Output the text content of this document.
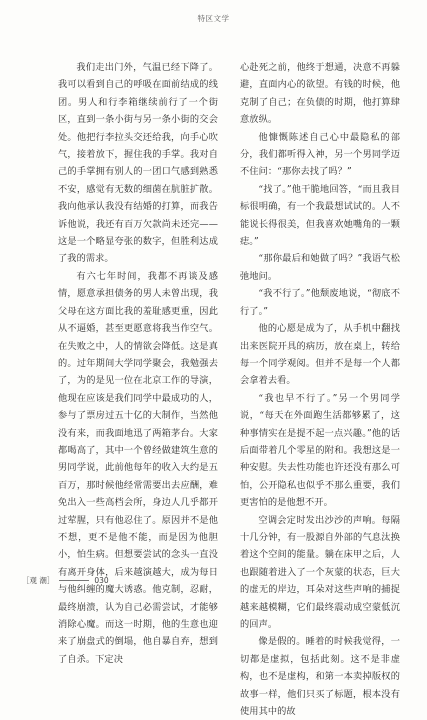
特区文学

我们走出门外，气温已经下降了。我可以看到自己的呼吸在面前结成的线团。男人和行李箱继续前行了一个街区，直到一条小街与另一条小街的交会处。他把行李拉头交还给我，向手心吹气，接着放下，握住我的手掌。我对自己的手掌拥有别人的一团口气感到熟悉不安，感觉有无数的细菌在肮脏扩散。我向他承认我没有结婚的打算，而我告诉他说，我还有百万欠款尚未还完——这是一个略显夸张的数字，但胜利达成了我的需求。

有六七年时间，我都不再谈及感情，愿意承担债务的男人未曾出现，我父母在这方面比我的羞耻感更重，因此从不逼婚，甚至更愿意将我当作空气。在失败之中，人的情欲会降低。这是真的。过年期间大学同学聚会，我勉强去了，为的是见一位在北京工作的导演，他现在应该是我们同学中最成功的人，参与了票房过五十亿的大制作，当然他没有来，而我面地迅了两箱茅台。大家都喝高了，其中一个曾经做建筑生意的男同学说，此前他每年的收入大约是五百万，那时候他经常需要出去应酬，难免出入一些高档会所，身边人几乎都开过荤腥，只有他忍住了。原因并不是他不想，更不是他不能，而是因为他胆小，怕生病。但想要尝试的念头一直没有离开身体，后来越演越大，成为每日与他纠缠的魔大诱惑。他克制，忍耐，最终崩溃，认为自己必需尝试，才能够消除心魔。而这一时期，他的生意也迎来了崩盘式的倒塌，他自暴自弃，想到了自杀。下定决

心赴死之前，他终于想通，决意不再躲避，直面内心的欲望。有钱的时候，他克制了自己；在负债的时期，他打算肆意放纵。

他慷慨陈述自己心中最隐私的部分，我们都听得入神，另一个男同学迈不住问：“那你去找了吗？”

“找了。”他干脆地回答，“而且我目标很明确，有一个我最想试试的。人不能说长得很美，但我喜欢她嘴角的一颗痣。”

“那你最后和她做了吗？”我语气松弛地问。

“我不行了。”他颓废地说，“彻底不行了。”

他的心愿是成为了，从手机中翻找出来医院开具的病历，放在桌上，转给每一个同学观阅。但并不是每一个人都会拿着去看。

“我也早不行了。”另一个男同学说，“每天在外面跑生活都够累了，这种事情实在是提不起一点兴趣。”他的话后面带着几个零星的附和。我想这是一种安慰。失去性功能也许还没有那么可怕，公开隐私也似乎不那么重要，我们更害怕的是他想不开。

空调会定时发出沙沙的声响。每隔十几分钟，有一股源自外部的气息汰换着这个空间的能量。躺在床甲之后，人也跟随着进入了一个灰蒙的状态，巨大的虚无的岸边，耳朵对这些声响的捕捉越来越模糊，它们最终震动成空蒙低沉的回声。

像是假的。睡着的时候我觉得，一切都是虚拟，包括此刻。这不是非虚构，也不是虚构，和第一本卖掉版权的故事一样，他们只买了标题，根本没有使用其中的故

［观 潮］	030
